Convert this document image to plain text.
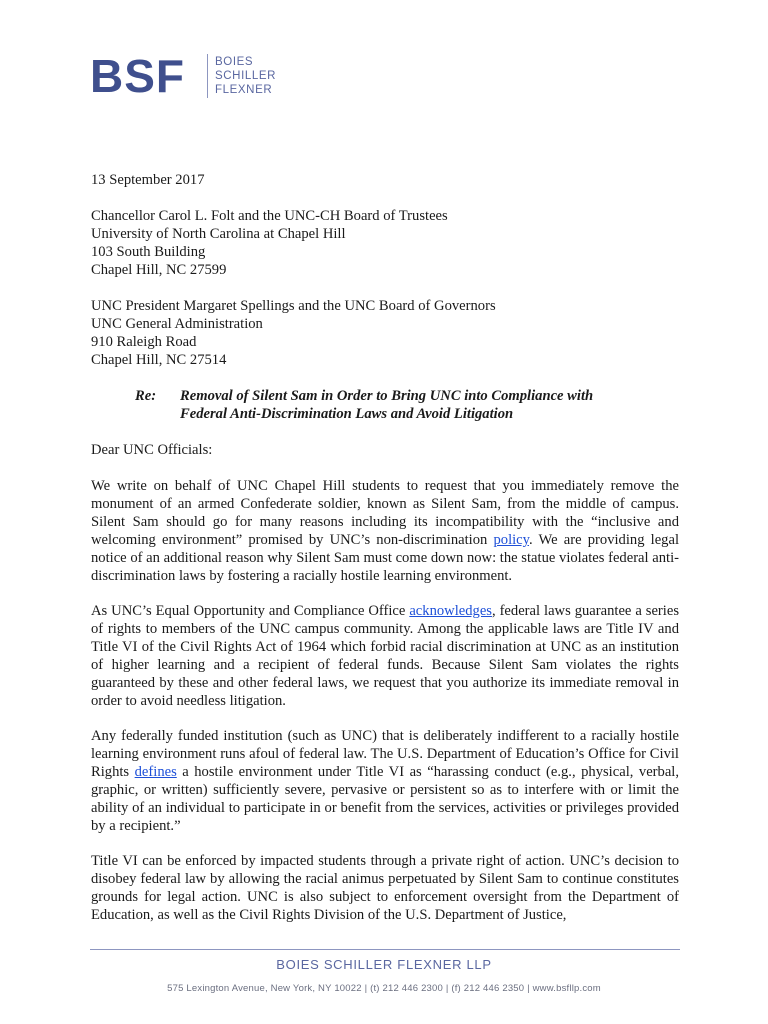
BSF	BOIES
SCHILLER
FLEXNER

13 September 2017

Chancellor Carol L. Folt and the UNC-CH Board of Trustees
University of North Carolina at Chapel Hill
103 South Building
Chapel Hill, NC 27599
UNC President Margaret Spellings and the UNC Board of Governors
UNC General Administration
910 Raleigh Road
Chapel Hill, NC 27514
Re: Removal of Silent Sam in Order to Bring UNC into Compliance with
Federal Anti-Discrimination Laws and Avoid Litigation

Dear UNC Officials:

We write on behalf of UNC Chapel Hill students to request that you immediately remove the monument of an armed Confederate soldier, known as Silent Sam, from the middle of campus. Silent Sam should go for many reasons including its incompatibility with the “inclusive and welcoming environment” promised by UNC’s non-discrimination policy. We are providing legal notice of an additional reason why Silent Sam must come down now: the statue violates federal anti-discrimination laws by fostering a racially hostile learning environment.

As UNC’s Equal Opportunity and Compliance Office acknowledges, federal laws guarantee a series of rights to members of the UNC campus community. Among the applicable laws are Title IV and Title VI of the Civil Rights Act of 1964 which forbid racial discrimination at UNC as an institution of higher learning and a recipient of federal funds. Because Silent Sam violates the rights guaranteed by these and other federal laws, we request that you authorize its immediate removal in order to avoid needless litigation.

Any federally funded institution (such as UNC) that is deliberately indifferent to a racially hostile learning environment runs afoul of federal law. The U.S. Department of Education’s Office for Civil Rights defines a hostile environment under Title VI as “harassing conduct (e.g., physical, verbal, graphic, or written) sufficiently severe, pervasive or persistent so as to interfere with or limit the ability of an individual to participate in or benefit from the services, activities or privileges provided by a recipient.”

Title VI can be enforced by impacted students through a private right of action. UNC’s decision to disobey federal law by allowing the racial animus perpetuated by Silent Sam to continue constitutes grounds for legal action. UNC is also subject to enforcement oversight from the Department of Education, as well as the Civil Rights Division of the U.S. Department of Justice,

BOIES SCHILLER FLEXNER LLP
575 Lexington Avenue, New York, NY 10022 | (t) 212 446 2300 | (f) 212 446 2350 | www.bsfllp.com
